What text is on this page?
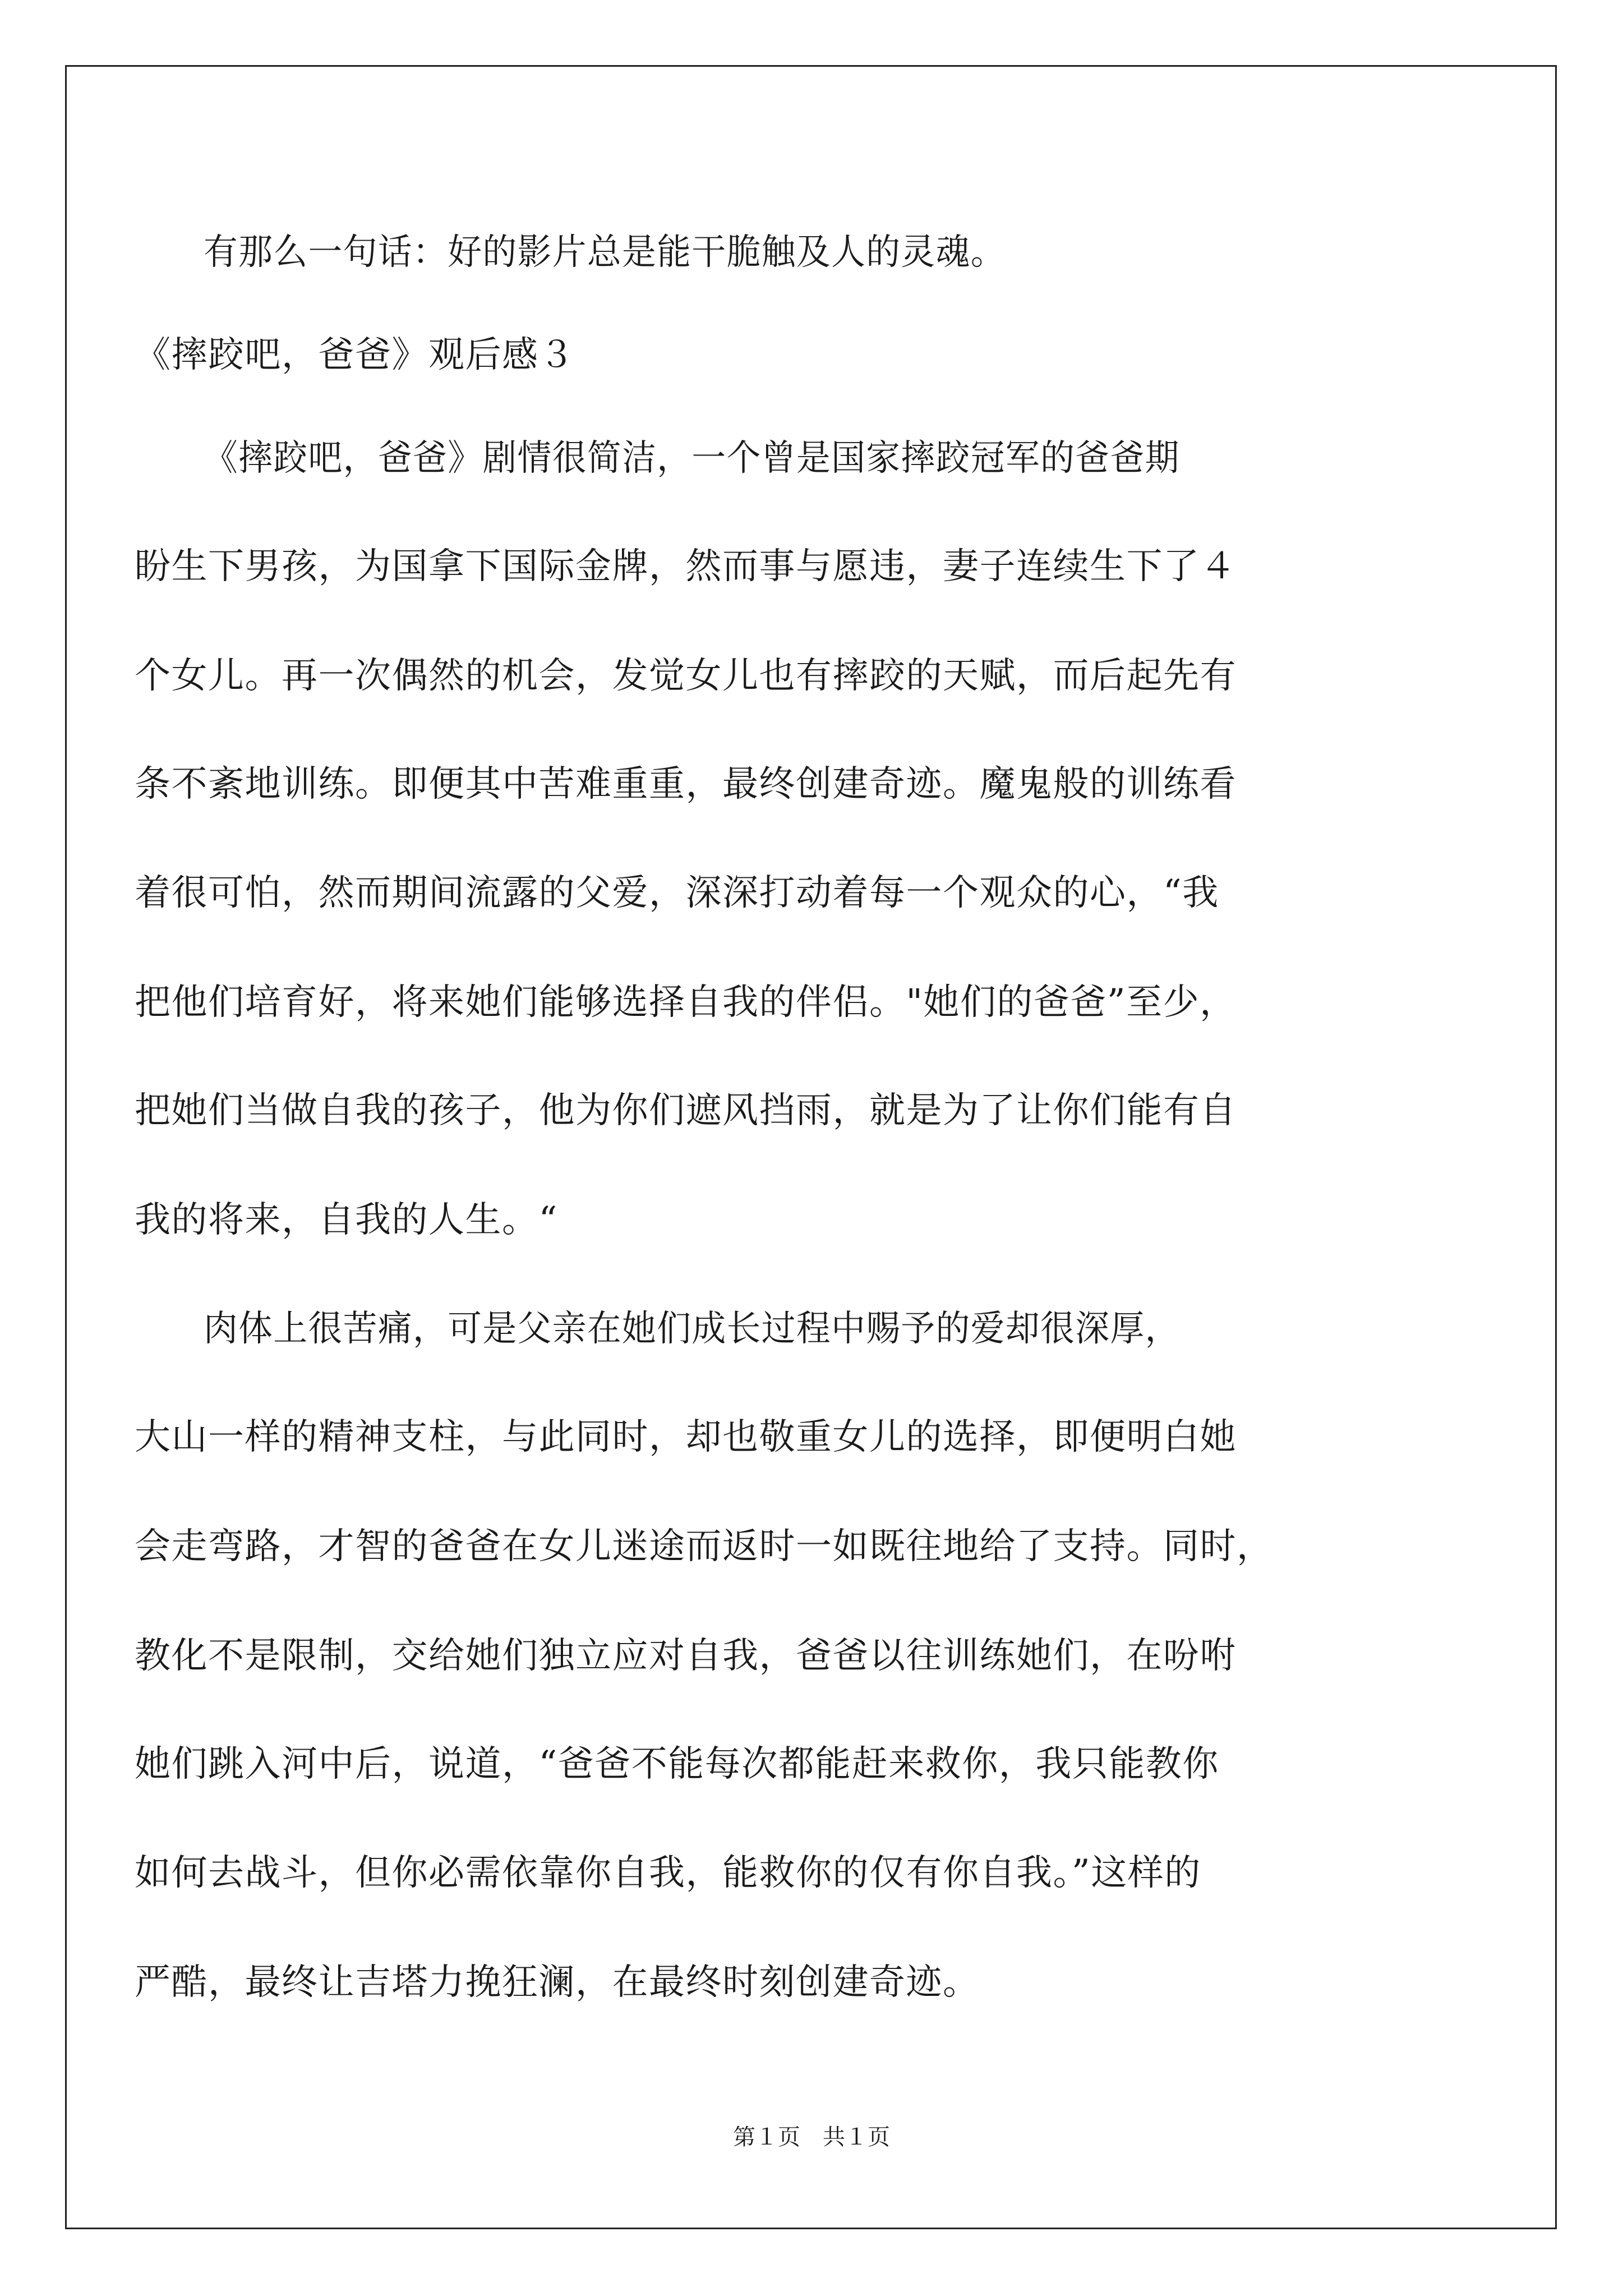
有那么一句话：好的影片总是能干脆触及人的灵魂。
《摔跤吧，爸爸》观后感３
《摔跤吧，爸爸》剧情很简洁，一个曾是国家摔跤冠军的爸爸期
盼生下男孩，为国拿下国际金牌，然而事与愿违，妻子连续生下了４
个女儿。再一次偶然的机会，发觉女儿也有摔跤的天赋，而后起先有
条不紊地训练。即便其中苦难重重，最终创建奇迹。魔鬼般的训练看
着很可怕，然而期间流露的父爱，深深打动着每一个观众的心，“我
把他们培育好，将来她们能够选择自我的伴侣。"她们的爸爸”至少，
把她们当做自我的孩子，他为你们遮风挡雨，就是为了让你们能有自
我的将来，自我的人生。“
肉体上很苦痛，可是父亲在她们成长过程中赐予的爱却很深厚，
大山一样的精神支柱，与此同时，却也敬重女儿的选择，即便明白她
会走弯路，才智的爸爸在女儿迷途而返时一如既往地给了支持。同时，
教化不是限制，交给她们独立应对自我，爸爸以往训练她们，在吩咐
她们跳入河中后，说道，“爸爸不能每次都能赶来救你，我只能教你
如何去战斗，但你必需依靠你自我，能救你的仅有你自我。”这样的
严酷，最终让吉塔力挽狂澜，在最终时刻创建奇迹。
第１页　共１页
